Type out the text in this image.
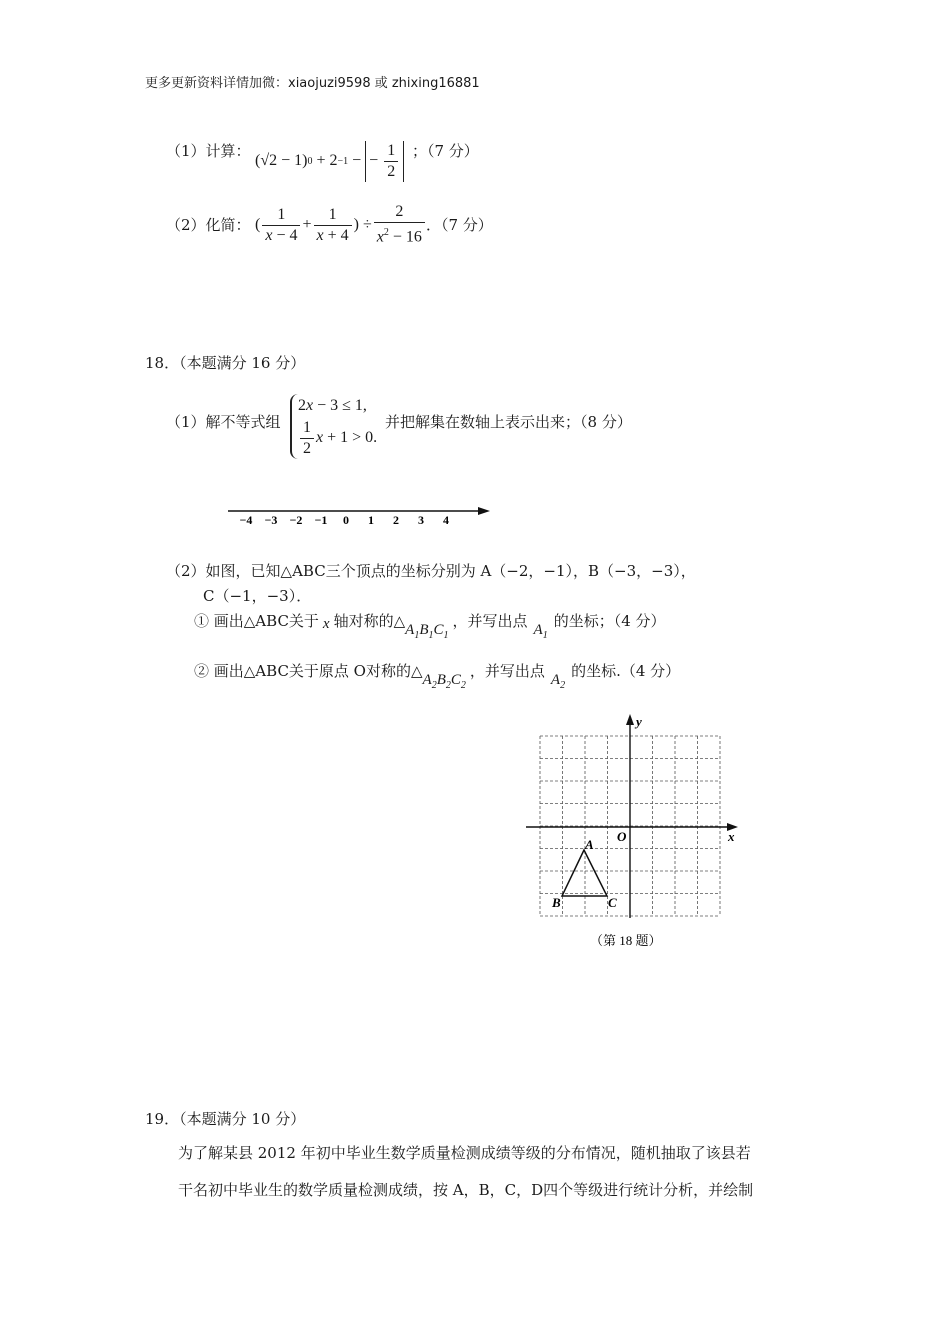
更多更新资料详情加微：xiaojuzi9598 或 zhixing16881
（1）计算：
(√2 − 1) 0 + 2 −1 − − $\frac{1}{2}$ ；（7 分）
（2）化简： ( $\frac{1}{x - 4} + \frac{1}{x + 4}$ ) ÷ $\frac{2}{x^2 - 16}$ ．（7 分）
18．（本题满分 16 分）
（1）解不等式组
2x − 3 ≤ 1,
$\frac{1}{2}$ x + 1 > 0.
并把解集在数轴上表示出来；（8 分）
−4 −3 −2 −1 0 1 2 3 4
（2）如图，已知△ABC三个顶点的坐标分别为 A（−2，−1），B（−3，−3），
C（−1，−3）．
① 画出△ABC关于 x 轴对称的△ $A_1B_1C_1$
，并写出点 $A_1$
的坐标；（4 分）
② 画出△ABC关于原点 O对称的△ $A_2B_2C_2$
，并写出点 $A_2$
的坐标.（4 分）
x
y
O
A
B	C
（第 18 题）
19．（本题满分 10 分）
为了解某县 2012 年初中毕业生数学质量检测成绩等级的分布情况，随机抽取了该县若
干名初中毕业生的数学质量检测成绩，按 A，B，C，D四个等级进行统计分析，并绘制
